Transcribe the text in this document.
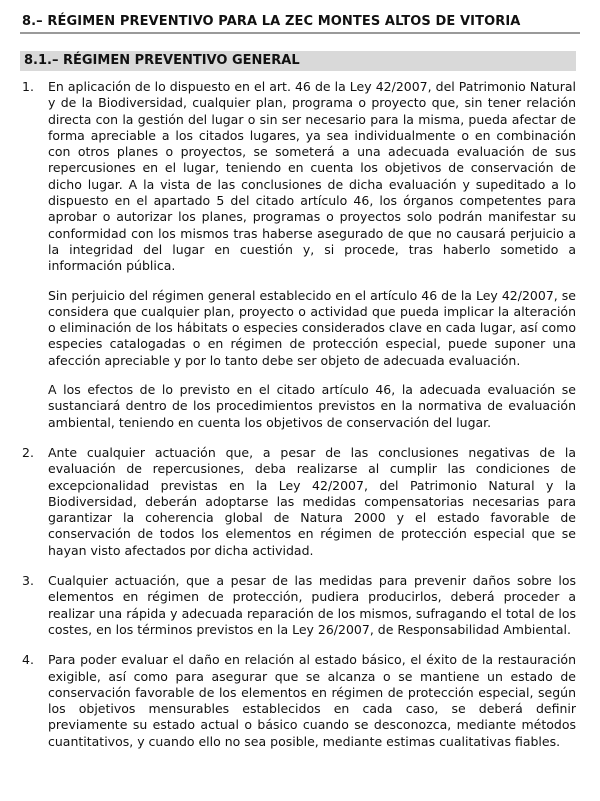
8.– RÉGIMEN PREVENTIVO PARA LA ZEC MONTES ALTOS DE VITORIA
8.1.– RÉGIMEN PREVENTIVO GENERAL
1.	En aplicación de lo dispuesto en el art. 46 de la Ley 42/2007, del Patrimonio Natural y de la Biodiversidad, cualquier plan, programa o proyecto que, sin tener relación directa con la gestión del lugar o sin ser necesario para la misma, pueda afectar de forma apreciable a los citados lugares, ya sea individualmente o en combinación con otros planes o proyectos, se someterá a una adecuada evaluación de sus repercusiones en el lugar, teniendo en cuenta los objetivos de conservación de dicho lugar. A la vista de las conclusiones de dicha evaluación y supeditado a lo dispuesto en el apartado 5 del citado artículo 46, los órganos competentes para aprobar o autorizar los planes, programas o proyectos solo podrán manifestar su conformidad con los mismos tras haberse asegurado de que no causará perjuicio a la integridad del lugar en cuestión y, si procede, tras haberlo sometido a información pública.

Sin perjuicio del régimen general establecido en el artículo 46 de la Ley 42/2007, se considera que cualquier plan, proyecto o actividad que pueda implicar la alteración o eliminación de los hábitats o especies considerados clave en cada lugar, así como especies catalogadas o en régimen de protección especial, puede suponer una afección apreciable y por lo tanto debe ser objeto de adecuada evaluación.

A los efectos de lo previsto en el citado artículo 46, la adecuada evaluación se sustanciará dentro de los procedimientos previstos en la normativa de evaluación ambiental, teniendo en cuenta los objetivos de conservación del lugar.

2.	Ante cualquier actuación que, a pesar de las conclusiones negativas de la evaluación de repercusiones, deba realizarse al cumplir las condiciones de excepcionalidad previstas en la Ley 42/2007, del Patrimonio Natural y la Biodiversidad, deberán adoptarse las medidas compensatorias necesarias para garantizar la coherencia global de Natura 2000 y el estado favorable de conservación de todos los elementos en régimen de protección especial que se hayan visto afectados por dicha actividad.

3.	Cualquier actuación, que a pesar de las medidas para prevenir daños sobre los elementos en régimen de protección, pudiera producirlos, deberá proceder a realizar una rápida y adecuada reparación de los mismos, sufragando el total de los costes, en los términos previstos en la Ley 26/2007, de Responsabilidad Ambiental.

4.	Para poder evaluar el daño en relación al estado básico, el éxito de la restauración exigible, así como para asegurar que se alcanza o se mantiene un estado de conservación favorable de los elementos en régimen de protección especial, según los objetivos mensurables establecidos en cada caso, se deberá definir previamente su estado actual o básico cuando se desconozca, mediante métodos cuantitativos, y cuando ello no sea posible, mediante estimas cualitativas fiables.
